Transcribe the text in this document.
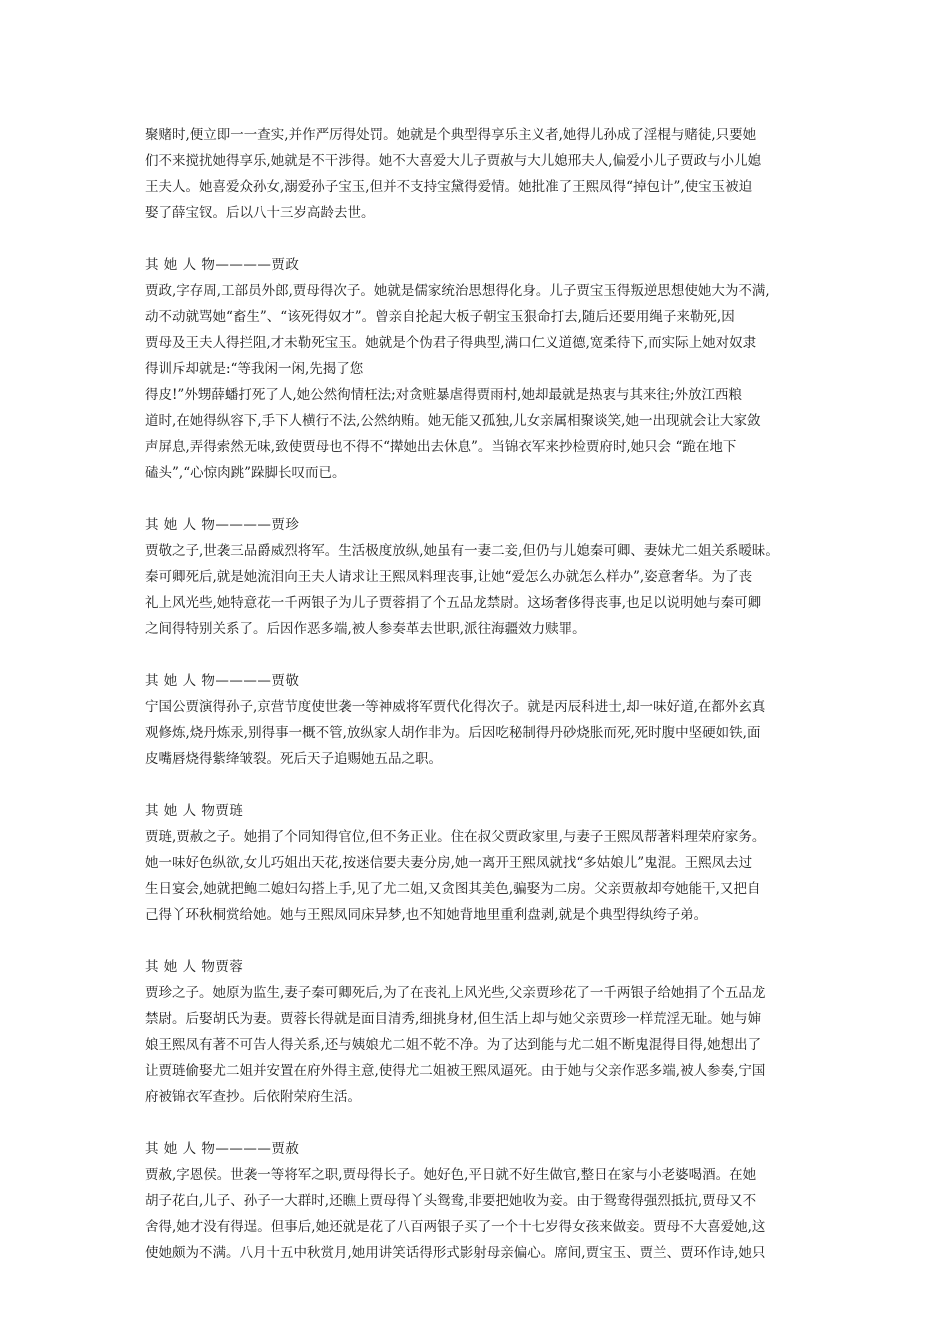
聚赌时,便立即一一查实,并作严厉得处罚。她就是个典型得享乐主义者,她得儿孙成了淫棍与赌徒,只要她
们不来搅扰她得享乐,她就是不干涉得。她不大喜爱大儿子贾赦与大儿媳邢夫人,偏爱小儿子贾政与小儿媳
王夫人。她喜爱众孙女,溺爱孙子宝玉,但并不支持宝黛得爱情。她批准了王熙凤得“掉包计”,使宝玉被迫
娶了薛宝钗。后以八十三岁高龄去世。
其 她 人 物————贾政
贾政,字存周,工部员外郎,贾母得次子。她就是儒家统治思想得化身。儿子贾宝玉得叛逆思想使她大为不满,
动不动就骂她“畜生”、“该死得奴才”。曾亲自抡起大板子朝宝玉狠命打去,随后还要用绳子来勒死,因
贾母及王夫人得拦阻,才未勒死宝玉。她就是个伪君子得典型,满口仁义道德,宽柔待下,而实际上她对奴隶
得训斥却就是:“等我闲一闲,先揭了您
得皮!”外甥薛蟠打死了人,她公然徇情枉法;对贪赃暴虐得贾雨村,她却最就是热衷与其来往;外放江西粮
道时,在她得纵容下,手下人横行不法,公然纳贿。她无能又孤独,儿女亲属相聚谈笑,她一出现就会让大家敛
声屏息,弄得索然无味,致使贾母也不得不“撵她出去休息”。当锦衣军来抄检贾府时,她只会 “跪在地下
磕头”,“心惊肉跳”跺脚长叹而已。
其 她 人 物————贾珍
贾敬之子,世袭三品爵威烈将军。生活极度放纵,她虽有一妻二妾,但仍与儿媳秦可卿、妻妹尤二姐关系暧昧。
秦可卿死后,就是她流泪向王夫人请求让王熙凤料理丧事,让她“爱怎么办就怎么样办”,姿意奢华。为了丧
礼上风光些,她特意花一千两银子为儿子贾蓉捐了个五品龙禁尉。这场奢侈得丧事,也足以说明她与秦可卿
之间得特别关系了。后因作恶多端,被人参奏革去世职,派往海疆效力赎罪。
其 她 人 物————贾敬
宁国公贾演得孙子,京营节度使世袭一等神威将军贾代化得次子。就是丙辰科进士,却一味好道,在都外玄真
观修炼,烧丹炼汞,别得事一概不管,放纵家人胡作非为。后因吃秘制得丹砂烧胀而死,死时腹中坚硬如铁,面
皮嘴唇烧得紫绛皱裂。死后天子追赐她五品之职。
其 她 人 物贾琏
贾琏,贾赦之子。她捐了个同知得官位,但不务正业。住在叔父贾政家里,与妻子王熙凤帮著料理荣府家务。
她一味好色纵欲,女儿巧姐出天花,按迷信要夫妻分房,她一离开王熙凤就找“多姑娘儿”鬼混。王熙凤去过
生日宴会,她就把鲍二媳妇勾搭上手,见了尤二姐,又贪图其美色,骗娶为二房。父亲贾赦却夸她能干,又把自
己得丫环秋桐赏给她。她与王熙凤同床异梦,也不知她背地里重利盘剥,就是个典型得纨绔子弟。
其 她 人 物贾蓉
贾珍之子。她原为监生,妻子秦可卿死后,为了在丧礼上风光些,父亲贾珍花了一千两银子给她捐了个五品龙
禁尉。后娶胡氏为妻。贾蓉长得就是面目清秀,细挑身材,但生活上却与她父亲贾珍一样荒淫无耻。她与婶
娘王熙凤有著不可告人得关系,还与姨娘尤二姐不乾不净。为了达到能与尤二姐不断鬼混得目得,她想出了
让贾琏偷娶尤二姐并安置在府外得主意,使得尤二姐被王熙凤逼死。由于她与父亲作恶多端,被人参奏,宁国
府被锦衣军查抄。后依附荣府生活。
其 她 人 物————贾赦
贾赦,字恩侯。世袭一等将军之职,贾母得长子。她好色,平日就不好生做官,整日在家与小老婆喝酒。在她
胡子花白,儿子、孙子一大群时,还瞧上贾母得丫头鸳鸯,非要把她收为妾。由于鸳鸯得强烈抵抗,贾母又不
舍得,她才没有得逞。但事后,她还就是花了八百两银子买了一个十七岁得女孩来做妾。贾母不大喜爱她,这
使她颇为不满。八月十五中秋赏月,她用讲笑话得形式影射母亲偏心。席间,贾宝玉、贾兰、贾环作诗,她只
